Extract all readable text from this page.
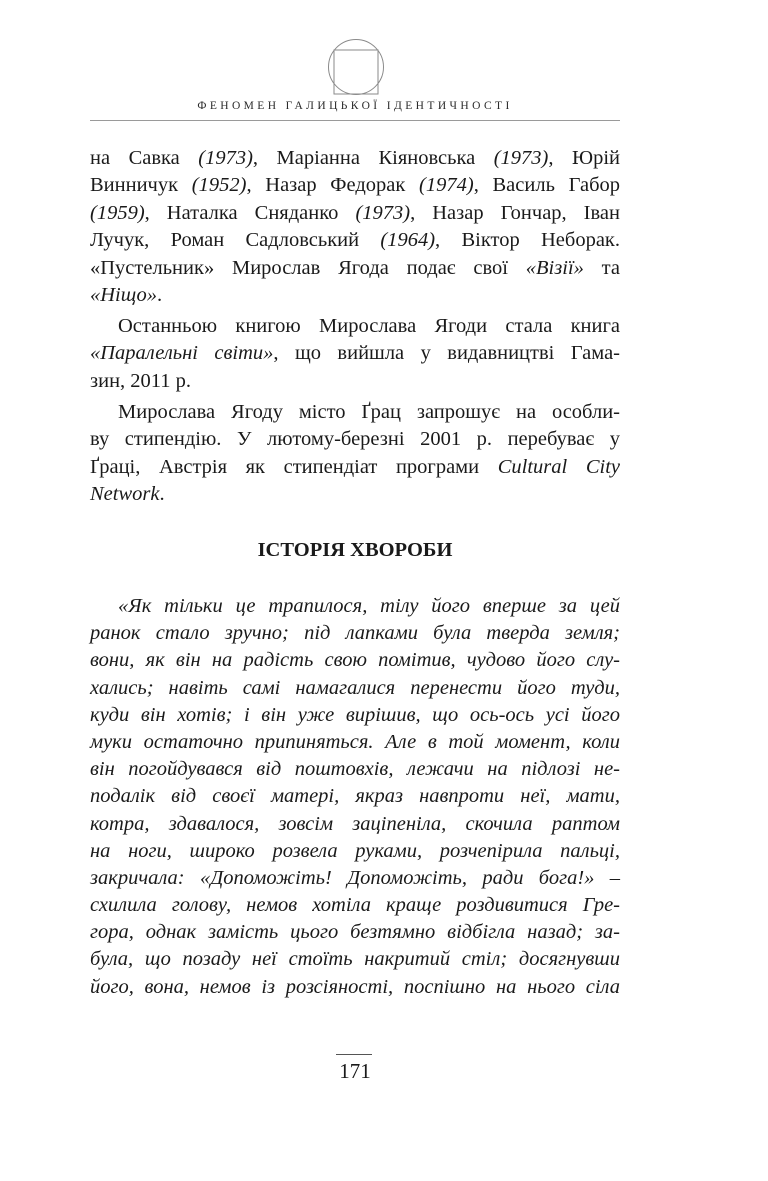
ФЕНОМЕН ГАЛИЦЬКОЇ ІДЕНТИЧНОСТІ
на Савка (1973), Маріанна Кіяновська (1973), Юрій
Винничук (1952), Назар Федорак (1974), Василь Габор
(1959), Наталка Сняданко (1973), Назар Гончар, Іван
Лучук, Роман Садловський (1964), Віктор Неборак.
«Пустельник» Мирослав Ягода подає свої «Візії» та
«Ніщо».
Останньою книгою Мирослава Ягоди стала книга
«Паралельні світи», що вийшла у видавництві Гама-
зин, 2011 р.
Мирослава Ягоду місто Ґрац запрошує на особли-
ву стипендію. У лютому-березні 2001 р. перебуває у
Ґраці, Австрія як стипендіат програми Cultural City
Network.
ІСТОРІЯ ХВОРОБИ
«Як тільки це трапилося, тілу його вперше за цей
ранок стало зручно; під лапками була тверда земля;
вони, як він на радість свою помітив, чудово його слу-
хались; навіть самі намагалися перенести його туди,
куди він хотів; і він уже вирішив, що ось-ось усі його
муки остаточно припиняться. Але в той момент, коли
він погойдувався від поштовхів, лежачи на підлозі не-
подалік від своєї матері, якраз навпроти неї, мати,
котра, здавалося, зовсім заціпеніла, скочила раптом
на ноги, широко розвела руками, розчепірила пальці,
закричала: «Допоможіть! Допоможіть, ради бога!» –
схилила голову, немов хотіла краще роздивитися Гре-
гора, однак замість цього безтямно відбігла назад; за-
була, що позаду неї стоїть накритий стіл; досягнувши
його, вона, немов із розсіяності, поспішно на нього сіла
171
